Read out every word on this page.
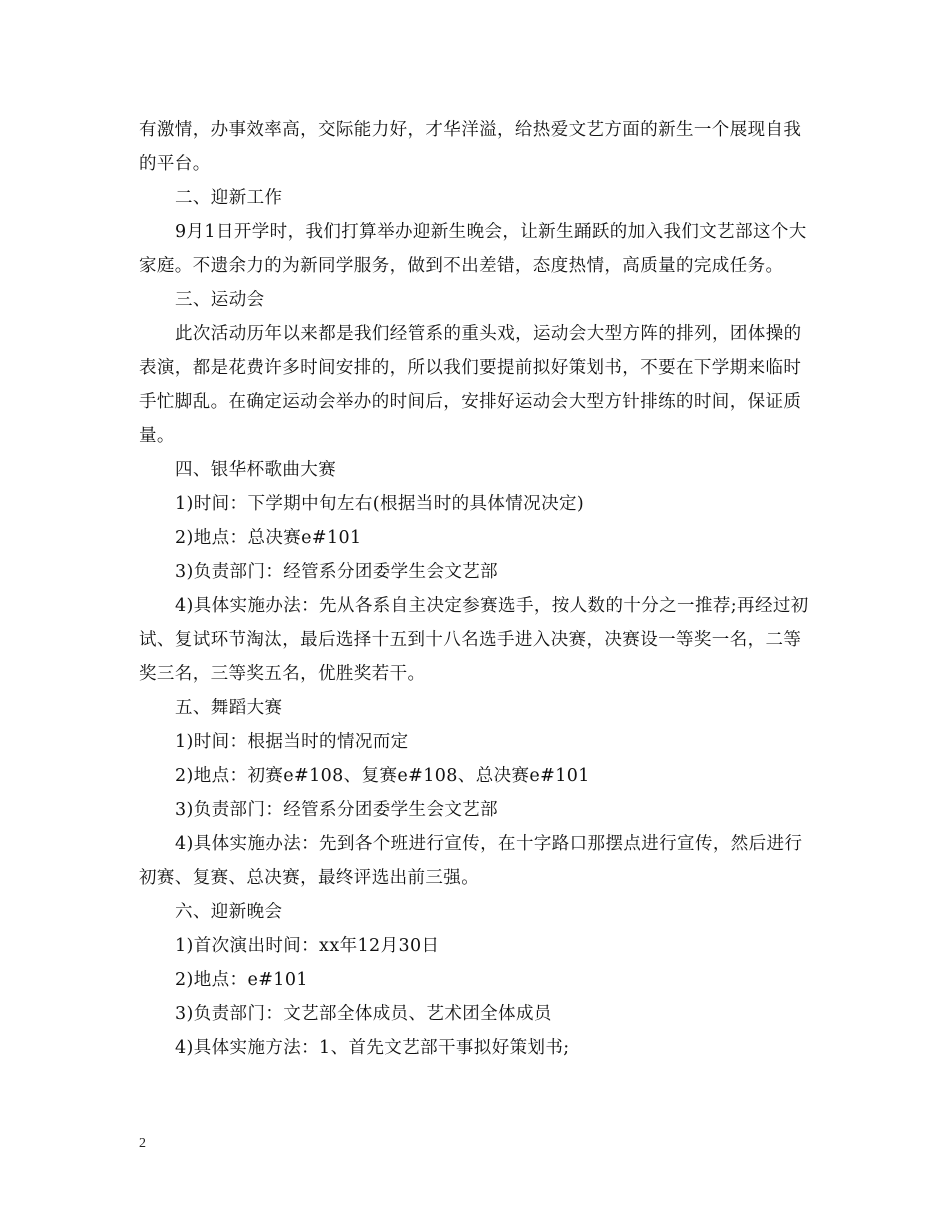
有激情，办事效率高，交际能力好，才华洋溢，给热爱文艺方面的新生一个展现自我的平台。

二、迎新工作

9月1日开学时，我们打算举办迎新生晚会，让新生踊跃的加入我们文艺部这个大家庭。不遗余力的为新同学服务，做到不出差错，态度热情，高质量的完成任务。

三、运动会

此次活动历年以来都是我们经管系的重头戏，运动会大型方阵的排列，团体操的表演，都是花费许多时间安排的，所以我们要提前拟好策划书，不要在下学期来临时手忙脚乱。在确定运动会举办的时间后，安排好运动会大型方针排练的时间，保证质量。

四、银华杯歌曲大赛

1)时间：下学期中旬左右(根据当时的具体情况决定)

2)地点：总决赛e#101

3)负责部门：经管系分团委学生会文艺部

4)具体实施办法：先从各系自主决定参赛选手，按人数的十分之一推荐;再经过初试、复试环节淘汰，最后选择十五到十八名选手进入决赛，决赛设一等奖一名，二等奖三名，三等奖五名，优胜奖若干。

五、舞蹈大赛

1)时间：根据当时的情况而定

2)地点：初赛e#108、复赛e#108、总决赛e#101

3)负责部门：经管系分团委学生会文艺部

4)具体实施办法：先到各个班进行宣传，在十字路口那摆点进行宣传，然后进行初赛、复赛、总决赛，最终评选出前三强。

六、迎新晚会

1)首次演出时间：xx年12月30日

2)地点：e#101

3)负责部门：文艺部全体成员、艺术团全体成员

4)具体实施方法：1、首先文艺部干事拟好策划书;

2
